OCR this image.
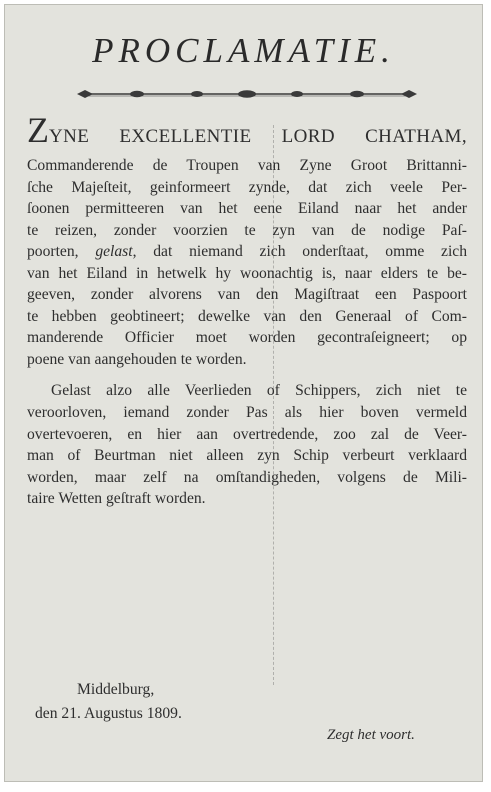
PROCLAMATIE.

ZYNE EXCELLENTIE LORD CHATHAM,
Commanderende de Troupen van Zyne Groot Brittanni-
ſche Majeſteit, geinformeert zynde, dat zich veele Per-
ſoonen permitteeren van het eene Eiland naar het ander
te reizen, zonder voorzien te zyn van de nodige Paſ-
poorten, gelast, dat niemand zich onderſtaat, omme zich
van het Eiland in hetwelk hy woonachtig is, naar elders te be-
geeven, zonder alvorens van den Magiſtraat een Paspoort
te hebben geobtineert; dewelke van den Generaal of Com-
manderende Officier moet worden gecontraſeigneert; op
poene van aangehouden te worden.

Gelast alzo alle Veerlieden of Schippers, zich niet te
veroorloven, iemand zonder Pas als hier boven vermeld
overtevoeren, en hier aan overtredende, zoo zal de Veer-
man of Beurtman niet alleen zyn Schip verbeurt verklaard
worden, maar zelf na omſtandigheden, volgens de Mili-
taire Wetten geſtraft worden.

Middelburg,
den 21. Augustus 1809.
Zegt het voort.
